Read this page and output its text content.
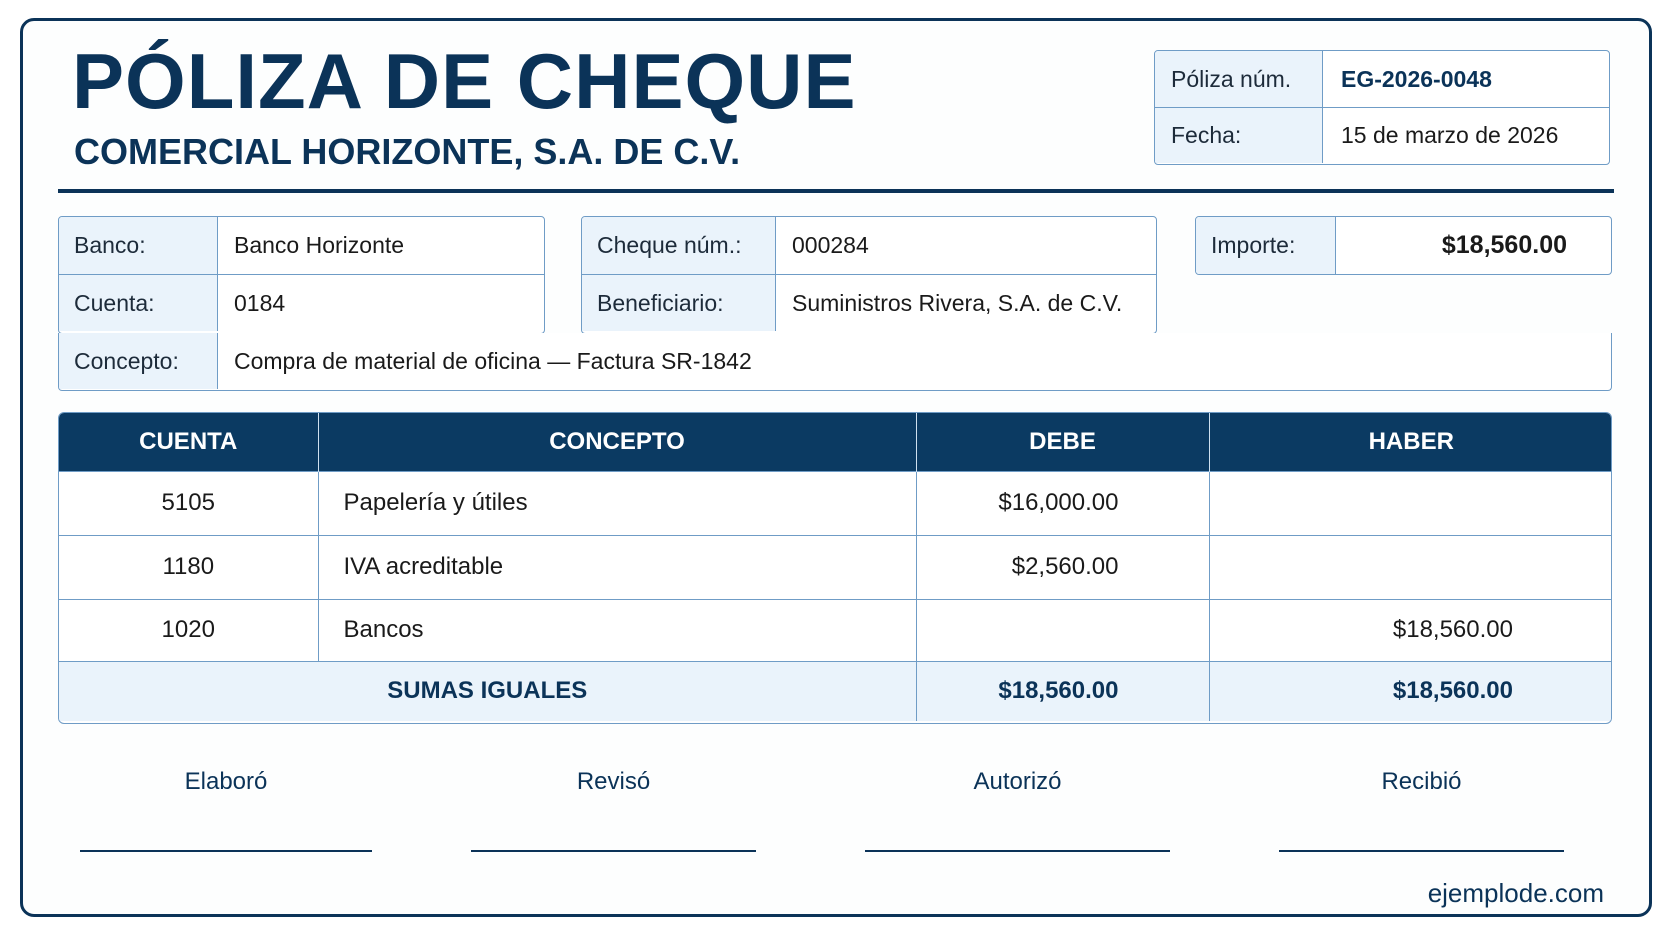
PÓLIZA DE CHEQUE
COMERCIAL HORIZONTE, S.A. DE C.V.
Póliza núm.	EG-2026-0048
Fecha:	15 de marzo de 2026
Banco:	Banco Horizonte
Cuenta:	0184
Cheque núm.:	000284
Beneficiario:	Suministros Rivera, S.A. de C.V.
Importe:	$18,560.00
Concepto:	Compra de material de oficina — Factura SR-1842
CUENTA	CONCEPTO	DEBE	HABER
5105	Papelería y útiles	$16,000.00	
1180	IVA acreditable	$2,560.00	
1020	Bancos		$18,560.00
SUMAS IGUALES		$18,560.00	$18,560.00
Elaboró	Revisó	Autorizó	Recibió
ejemplode.com
